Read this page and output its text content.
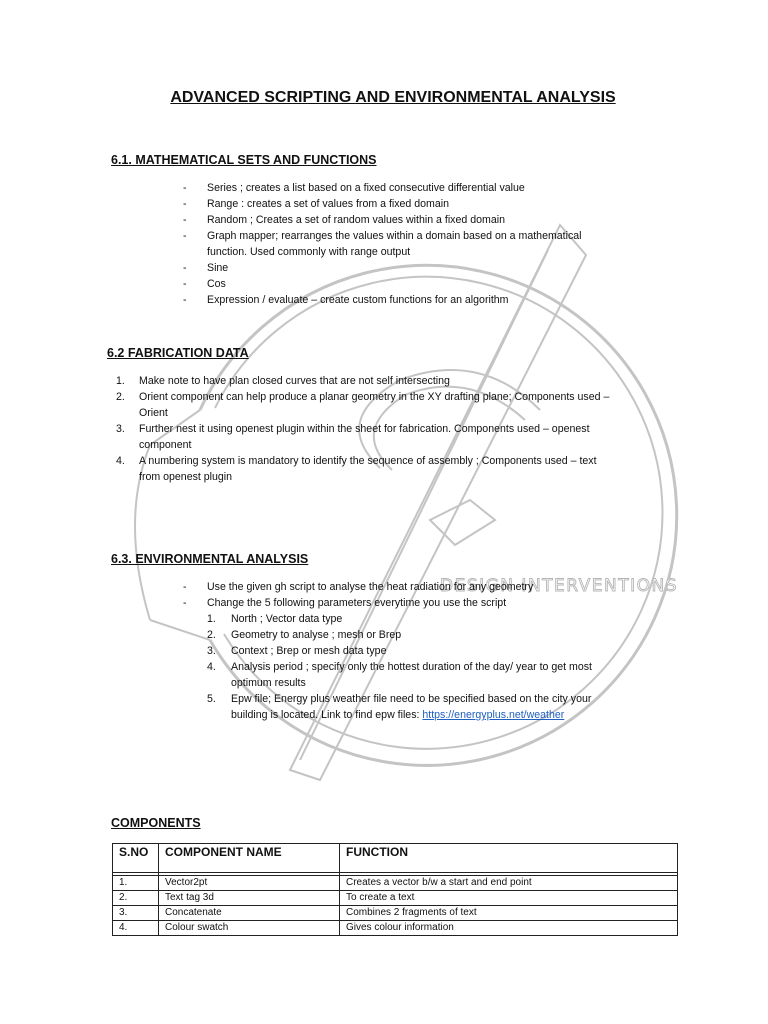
DESIGN INTERVENTIONS
ADVANCED SCRIPTING AND ENVIRONMENTAL ANALYSIS
6.1. MATHEMATICAL SETS AND FUNCTIONS
- Series ; creates a list based on a fixed consecutive differential value
- Range : creates a set of values from a fixed domain
- Random ; Creates a set of random values within a fixed domain
- Graph mapper; rearranges the values within a domain based on a mathematical
function. Used commonly with range output
- Sine
- Cos
- Expression / evaluate – create custom functions for an algorithm
6.2 FABRICATION DATA
1. Make note to have plan closed curves that are not self intersecting
2. Orient component can help produce a planar geometry in the XY drafting plane; Components used –
Orient
3. Further nest it using openest plugin within the sheet for fabrication. Components used – openest
component
4. A numbering system is mandatory to identify the sequence of assembly ; Components used – text
from openest plugin
6.3. ENVIRONMENTAL ANALYSIS
- Use the given gh script to analyse the heat radiation for any geometry
- Change the 5 following parameters everytime you use the script
1. North ; Vector data type
2. Geometry to analyse ; mesh or Brep
3. Context ; Brep or mesh data type
4. Analysis period ; specify only the hottest duration of the day/ year to get most
optimum results
5. Epw file; Energy plus weather file need to be specified based on the city your
building is located. Link to find epw files: https://energyplus.net/weather
COMPONENTS
S.NO	COMPONENT NAME	FUNCTION

1.	Vector2pt	Creates a vector b/w a start and end point
2.	Text tag 3d	To create a text
3.	Concatenate	Combines 2 fragments of text
4.	Colour swatch	Gives colour information
